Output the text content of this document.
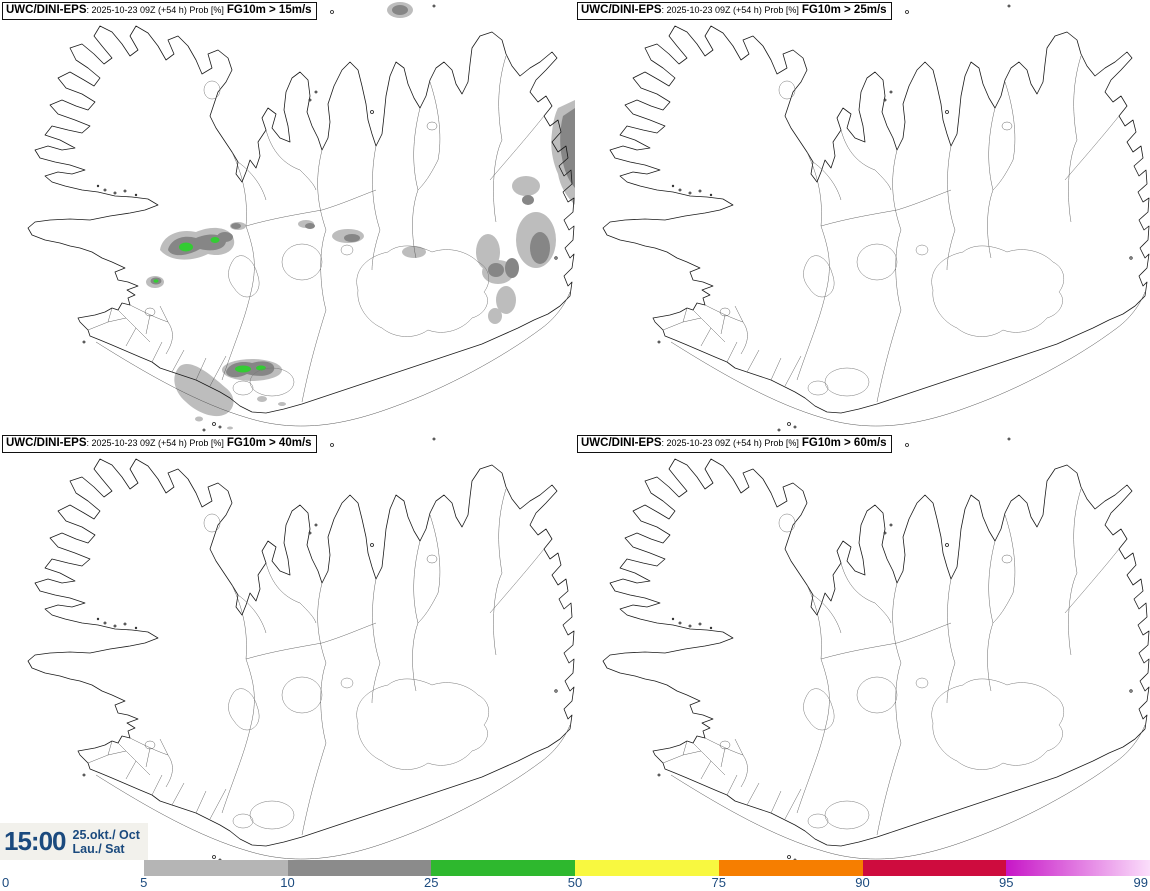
UWC/DINI-EPS: 2025-10-23 09Z (+54 h) Prob [%] FG10m > 15m/s	UWC/DINI-EPS: 2025-10-23 09Z (+54 h) Prob [%] FG10m > 25m/s
UWC/DINI-EPS: 2025-10-23 09Z (+54 h) Prob [%] FG10m > 40m/s	UWC/DINI-EPS: 2025-10-23 09Z (+54 h) Prob [%] FG10m > 60m/s
15:00 25.okt./ Oct
Lau./ Sat
0	5	10	25	50	75	90	95	99
